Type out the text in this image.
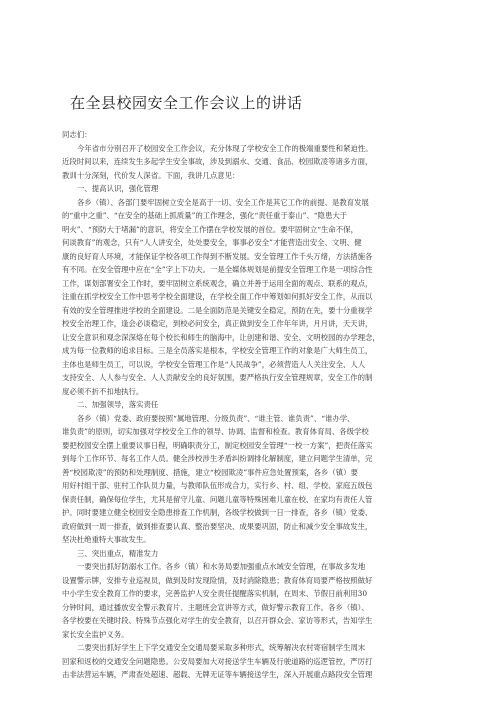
在全县校园安全工作会议上的讲话
同志们：
今年省市分别召开了校园安全工作会议，充分体现了学校安全工作的极端重要性和紧迫性。
近段时间以来，连续发生多起学生安全事故，涉及到溺水、交通、食品、校园欺凌等诸多方面，
教训十分深刻，代价发人深省。下面，我讲几点意见：
一、提高认识，强化管理
各乡（镇）、各部门要牢固树立安全是高于一切、安全工作是其它工作的前提、是教育发展
的“重中之重”、“在安全的基础上抓质量”的工作理念，强化“责任重于泰山”、“隐患大于
明火”、“预防大于堵漏”的意识，将安全工作摆在学校发展的首位。要牢固树立“生命不保，
何谈教育”的观念，只有“人人讲安全，处处要安全，事事必安全”才能营造出安全、文明、健
康的良好育人环境，才能保证学校各项工作得到不断发展。安全管理工作千头万绪，方法措施各
有不同。在安全管理中应在“全”字上下功夫。一是全媒体规划是前提安全管理工作是一项综合性
工作，谋划部署安全工作时，要牢固树立系统观念，确立并善于运用全面的观点、联系的观点，
注重在抓学校安全工作中思考学校全面建设，在学校全面工作中筹划如何抓好安全工作，从而以
有效的安全管理推进学校的全面建设。二是全面防范是关键安全稳定，预防在先，要十分重视学
校安全治理工作，逢会必谈稳定，到校必问安全，真正做到安全工作年年讲，月月讲，天天讲，
让安全意识和观念深深烙在每个校长和师生的脑海中，让创建和谐、安全、文明校园的办学理念，
成为每一位教师的追求目标。三是全员落实是根本，学校安全管理工作的对象是广大师生员工，
主体也是师生员工，可以说，学校安全管理工作是“人民战争”，必须营造人人关注安全、人人
支持安全、人人参与安全、人人贡献安全的良好氛围，要严格执行安全管理规章，安全工作的制
度必须不折不扣地执行。
二、加强领导，落实责任
各乡（镇）党委、政府要按照“属地管理、分级负责”、“谁主管、谁负责”、“谁办学、
谁负责”的原则，切实加强对学校安全工作的领导、协调、监督和检查。教育体育局、各级学校
要把校园安全摆上重要议事日程，明确职责分工，制定校园安全管理“一校一方案”，把责任落实
到每个工作环节、每名工作人员。健全涉校涉生矛盾纠纷调排化解制度，建立问题学生清单，完
善“校园欺凌”的预防和处理制度、措施，建立“校园欺凌”事件应急处置预案，各乡（镇）要
用好村组干部、驻村工作队员力量，与教师队伍形成合力，实行乡、村、组、学校、家庭五级包
保责任制，确保每位学生，尤其是留守儿童、问题儿童等特殊困难儿童在校、在家均有责任人管
护。同时要建立健全校园安全隐患排查工作机制，各级学校做到一日一排查，各乡（镇）党委、
政府做到一周一排查，做到排查要认真、整治要坚决、成果要巩固，防止和减少安全事故发生，
坚决杜绝重特大事故发生。
三、突出重点，精准发力
一要突出抓好防溺水工作。各乡（镇）和水务局要加强重点水域安全管理，在事故多发地
设置警示牌，安排专业巡视员，做到及时发现险情，及时消除隐患；教育体育局要严格按照做好
中小学生安全教育工作的要求，完善监护人安全责任提醒落实机制，在周末、节假日前利用30
分钟时间，通过播放安全警示教育片、主题班会宣讲等方式，做好警示教育工作。各乡（镇）、
各学校要在关键时段、特殊节点强化对学生的安全教育，以召开群众会、家访等形式，告知学生
家长安全监护义务。
二要突出抓好学生上下学交通安全交通局要采取多种形式，统筹解决农村寄宿制学生周末
回家和返校的交通安全问题隐患。公安局要加大对接送学生车辆及行驶道路的巡逻管控，严厉打
击非法营运车辆，严肃查处超速、超载、无牌无证等车辆接送学生，深入开展重点路段安全管理
